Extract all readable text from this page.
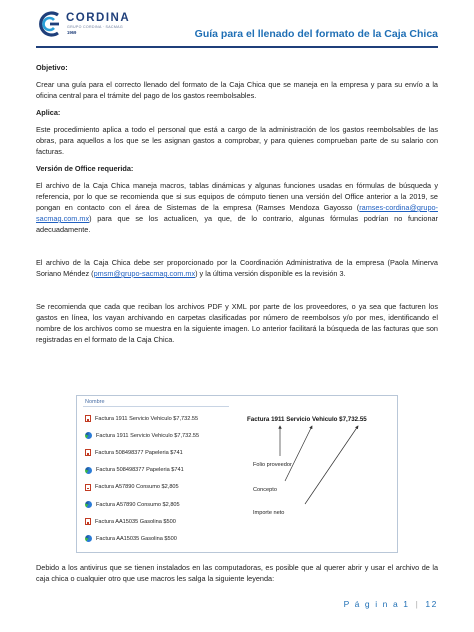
CORDINA
GRUPO CORDINA · SACMAG
1969	Guía para el llenado del formato de la Caja Chica

Objetivo:

Crear una guía para el correcto llenado del formato de la Caja Chica que se maneja en la empresa y para su envío a la oficina central para el trámite del pago de los gastos reembolsables.

Aplica:

Este procedimiento aplica a todo el personal que está a cargo de la administración de los gastos reembolsables de las obras, para aquellos a los que se les asignan gastos a comprobar, y para quienes comprueban parte de su salario con facturas.

Versión de Office requerida:

El archivo de la Caja Chica maneja macros, tablas dinámicas y algunas funciones usadas en fórmulas de búsqueda y referencia, por lo que se recomienda que si sus equipos de cómputo tienen una versión del Office anterior a la 2019, se pongan en contacto con el área de Sistemas de la empresa (Ramses Mendoza Gayosso (ramses-cordina@grupo-sacmag.com.mx) para que se los actualicen, ya que, de lo contrario, algunas fórmulas podrían no funcionar adecuadamente.

El archivo de la Caja Chica debe ser proporcionado por la Coordinación Administrativa de la empresa (Paola Minerva Soriano Méndez (pmsm@grupo-sacmag.com.mx) y la última versión disponible es la revisión 3.

Se recomienda que cada que reciban los archivos PDF y XML por parte de los proveedores, o ya sea que facturen los gastos en línea, los vayan archivando en carpetas clasificadas por número de reembolsos y/o por mes, identificando el nombre de los archivos como se muestra en la siguiente imagen. Lo anterior facilitará la búsqueda de las facturas que son registradas en el formato de la Caja Chica.

Nombre
Factura 1911 Servicio Vehiculo $7,732.55
Factura 1911 Servicio Vehiculo $7,732.55
Factura 508498377 Papeleria $741
Factura 508498377 Papeleria $741
Factura A57890 Consumo $2,805
Factura A57890 Consumo $2,805
Factura AA15035 Gasolina $500
Factura AA15035 Gasolina $500
Factura 1911 Servicio Vehiculo $7,732.55
Folio proveedor
Concepto
Importe neto

Debido a los antivirus que se tienen instalados en las computadoras, es posible que al querer abrir y usar el archivo de la caja chica o cualquier otro que use macros les salga la siguiente leyenda:

P á g i n a 1 | 12
